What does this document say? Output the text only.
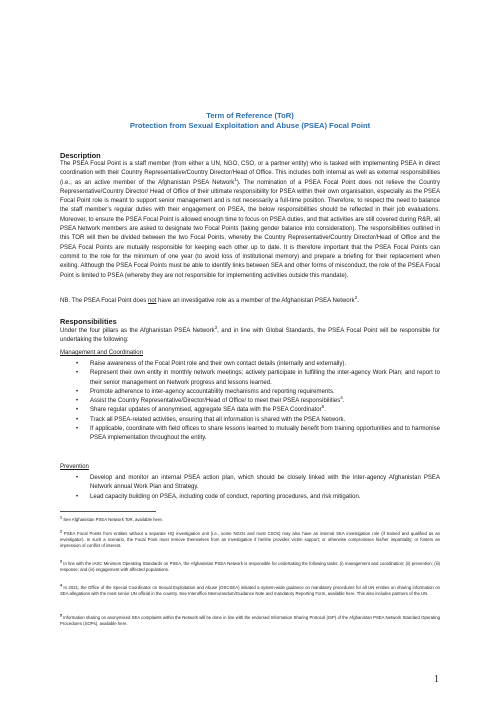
Term of Reference (ToR)
Protection from Sexual Exploitation and Abuse (PSEA) Focal Point
Description
The PSEA Focal Point is a staff member (from either a UN, NGO, CSO, or a partner entity) who is tasked with implementing PSEA in direct coordination with their Country Representative/Country Director/Head of Office. This includes both internal as well as external responsibilities (i.e., as an active member of the Afghanistan PSEA Network$^1$). The nomination of a PSEA Focal Point does not relieve the Country Representative/Country Director/ Head of Office of their ultimate responsibility for PSEA within their own organisation, especially as the PSEA Focal Point role is meant to support senior management and is not necessarily a full-time position. Therefore, to respect the need to balance the staff member’s regular duties with their engagement on PSEA, the below responsibilities should be reflected in their job evaluations. Moreover, to ensure the PSEA Focal Point is allowed enough time to focus on PSEA duties, and that activities are still covered during R&R, all PSEA Network members are asked to designate two Focal Points (taking gender balance into consideration). The responsibilities outlined in this TOR will then be divided between the two Focal Points, whereby the Country Representative/Country Director/Head of Office and the PSEA Focal Points are mutually responsible for keeping each other up to date. It is therefore important that the PSEA Focal Points can commit to the role for the minimum of one year (to avoid loss of institutional memory) and prepare a briefing for their replacement when exiting. Although the PSEA Focal Points must be able to identify links between SEA and other forms of misconduct, the role of the PSEA Focal Point is limited to PSEA (whereby they are not responsible for implementing activities outside this mandate).
NB. The PSEA Focal Point does not have an investigative role as a member of the Afghanistan PSEA Network$^2$.
Responsibilities
Under the four pillars as the Afghanistan PSEA Network$^3$, and in line with Global Standards, the PSEA Focal Point will be responsible for undertaking the following:
Management and Coordination
• Raise awareness of the Focal Point role and their own contact details (internally and externally).
• Represent their own entity in monthly network meetings; actively participate in fulfilling the inter-agency Work Plan; and report to their senior management on Network progress and lessons learned.
• Promote adherence to inter-agency accountability mechanisms and reporting requirements.
• Assist the Country Representative/Director/Head of Office/ to meet their PSEA responsibilities$^4$.
• Share regular updates of anonymised, aggregate SEA data with the PSEA Coordinator$^5$.
• Track all PSEA-related activities, ensuring that all information is shared with the PSEA Network.
• If applicable, coordinate with field offices to share lessons learned to mutually benefit from training opportunities and to harmonise PSEA implementation throughout the entity.
Prevention
• Develop and monitor an internal PSEA action plan, which should be closely linked with the inter-agency Afghanistan PSEA Network annual Work Plan and Strategy.
• Lead capacity building on PSEA, including code of conduct, reporting procedures, and risk mitigation.
$^1$ See Afghanistan PSEA Network ToR, available here.
$^2$ PSEA Focal Points from entities without a separate HQ investigation unit (i.e., some NGOs and most CSOs) may also have an internal SEA investigation role (if trained and qualified as an investigator). In such a scenario, the Focal Point must remove themselves from an investigation if he/she provides victim support; or otherwise compromises his/her impartiality; or fosters an impression of conflict of interest.
$^3$ In line with the IASC Minimum Operating Standards on PSEA, the Afghanistan PSEA Network is responsible for undertaking the following tasks: (i) management and coordination; (ii) prevention; (iii) response; and (iv) engagement with affected populations.
$^4$ In 2021, the Office of the Special Coordinator on Sexual Exploitation and Abuse (OSCSEA) initiated a system-wide guidance on mandatory procedures for all UN entities on sharing information on SEA allegations with the most senior UN official in the country. See Interoffice Memorandum/Guidance Note and mandatory Reporting Form, available here. This also includes partners of the UN.
$^5$ Information sharing on anonymised SEA complaints within the Network will be done in line with the endorsed Information Sharing Protocol (ISP) of the Afghanistan PSEA Network Standard Operating Procedures (SOPs), available here.
1
